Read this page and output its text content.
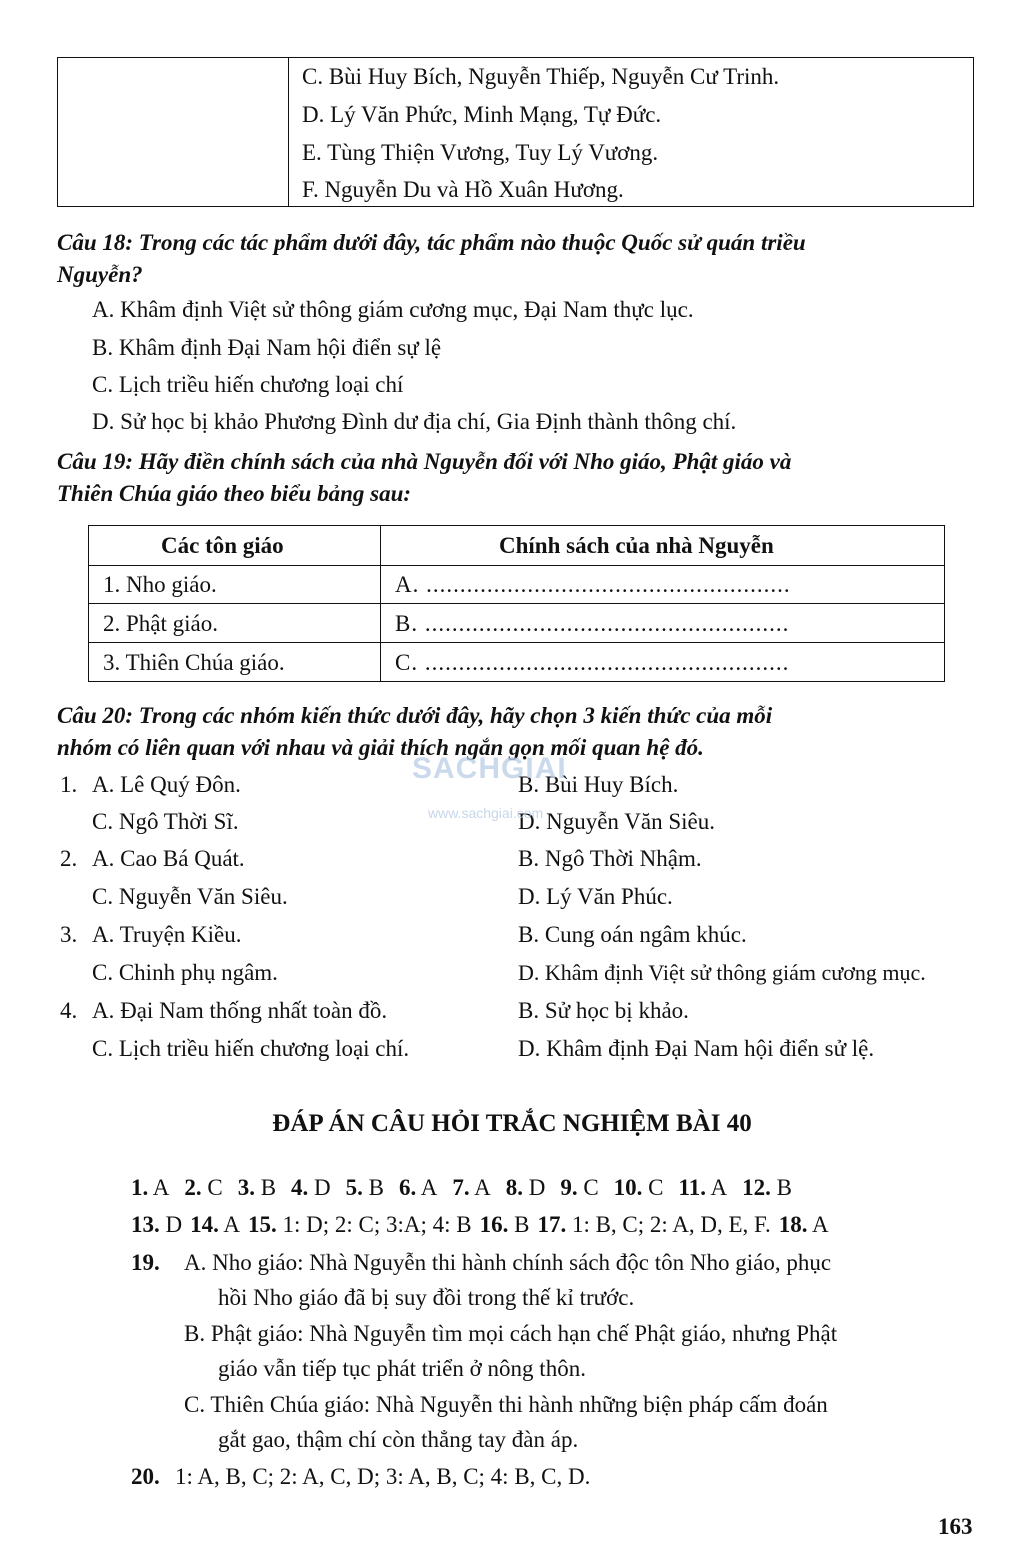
C. Bùi Huy Bích, Nguyễn Thiếp, Nguyễn Cư Trinh.
D. Lý Văn Phức, Minh Mạng, Tự Đức.
E. Tùng Thiện Vương, Tuy Lý Vương.
F. Nguyễn Du và Hồ Xuân Hương.
Câu 18: Trong các tác phẩm dưới đây, tác phẩm nào thuộc Quốc sử quán triều
Nguyễn?
A. Khâm định Việt sử thông giám cương mục, Đại Nam thực lục.
B. Khâm định Đại Nam hội điển sự lệ
C. Lịch triều hiến chương loại chí
D. Sử học bị khảo Phương Đình dư địa chí, Gia Định thành thông chí.
Câu 19: Hãy điền chính sách của nhà Nguyễn đối với Nho giáo, Phật giáo và
Thiên Chúa giáo theo biểu bảng sau:
Các tôn giáo	Chính sách của nhà Nguyễn
1. Nho giáo.	A. ......................................................
2. Phật giáo.	B. ......................................................
3. Thiên Chúa giáo.	C. ......................................................
Câu 20: Trong các nhóm kiến thức dưới đây, hãy chọn 3 kiến thức của mỗi
nhóm có liên quan với nhau và giải thích ngắn gọn mối quan hệ đó.
1. A. Lê Quý Đôn.	B. Bùi Huy Bích.
C. Ngô Thời Sĩ.	D. Nguyễn Văn Siêu.
2. A. Cao Bá Quát.	B. Ngô Thời Nhậm.
C. Nguyễn Văn Siêu.	D. Lý Văn Phúc.
3. A. Truyện Kiều.	B. Cung oán ngâm khúc.
C. Chinh phụ ngâm.	D. Khâm định Việt sử thông giám cương mục.
4. A. Đại Nam thống nhất toàn đồ.	B. Sử học bị khảo.
C. Lịch triều hiến chương loại chí.	D. Khâm định Đại Nam hội điển sử lệ.
SACHGIAI
www.sachgiai.com
ĐÁP ÁN CÂU HỎI TRẮC NGHIỆM BÀI 40
1. A 2. C 3. B 4. D 5. B 6. A 7. A 8. D 9. C 10. C 11. A 12. B
13. D 14. A 15. 1: D; 2: C; 3:A; 4: B 16. B 17. 1: B, C; 2: A, D, E, F. 18. A
19. A. Nho giáo: Nhà Nguyễn thi hành chính sách độc tôn Nho giáo, phục
hồi Nho giáo đã bị suy đồi trong thế kỉ trước.
B. Phật giáo: Nhà Nguyễn tìm mọi cách hạn chế Phật giáo, nhưng Phật
giáo vẫn tiếp tục phát triển ở nông thôn.
C. Thiên Chúa giáo: Nhà Nguyễn thi hành những biện pháp cấm đoán
gắt gao, thậm chí còn thẳng tay đàn áp.
20. 1: A, B, C; 2: A, C, D; 3: A, B, C; 4: B, C, D.
163
